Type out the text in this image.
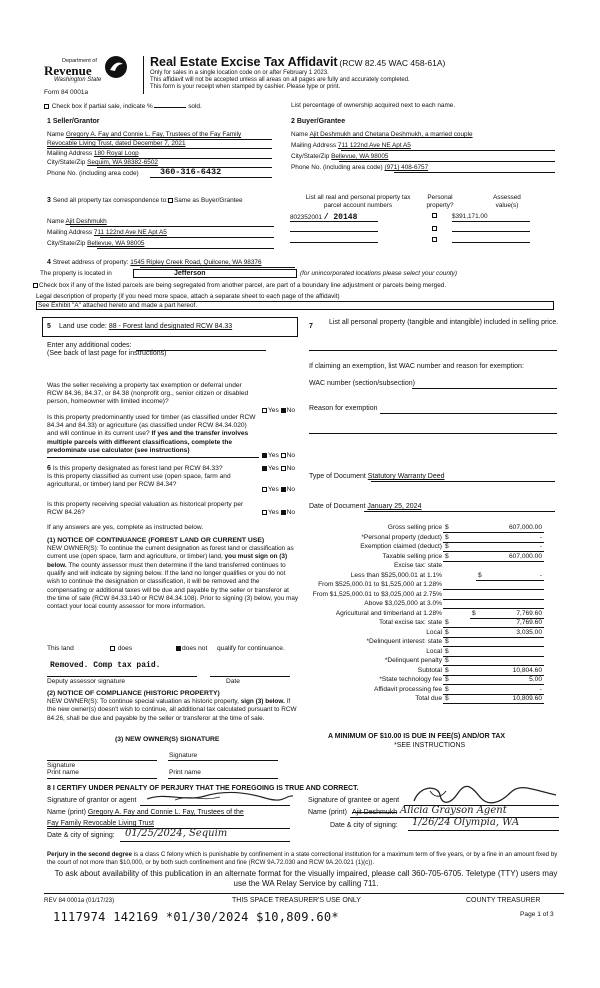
Department of
Revenue
Washington State
Form 84 0001a
Real Estate Excise Tax Affidavit (RCW 82.45 WAC 458-61A)
Only for sales in a single location code on or after February 1 2023.
This affidavit will not be accepted unless all areas on all pages are fully and accurately completed.
This form is your receipt when stamped by cashier. Please type or print.
Check box if partial sale, indicate %	sold.	List percentage of ownership acquired next to each name.
1 Seller/Grantor
Name Gregory A. Fay and Connie L. Fay, Trustees of the Fay Family
Revocable Living Trust, dated December 7, 2021
Mailing Address 180 Royal Loop
City/State/Zip Sequim, WA 98382-6502
Phone No. (including area code)	360-316-6432
2 Buyer/Grantee
Name Ajit Deshmukh and Chetana Deshmukh, a married couple
Mailing Address 711 122nd Ave NE Apt A5
City/State/Zip Bellevue, WA 98005
Phone No. (including area code) (971) 408-6757
3 Send all property tax correspondence to: Same as Buyer/Grantee
Name Ajit Deshmukh
Mailing Address 711 122nd Ave NE Apt A5
City/State/Zip Bellevue, WA 98005
List all real and personal property tax parcel account numbers
Personal property?
Assessed value(s)
802352001 / 20148	$391,171.00
4 Street address of property: 1545 Ripley Creek Road, Quilcene, WA 98376
The property is located in	Jefferson	(for unincorporated locations please select your county)
Check box if any of the listed parcels are being segregated from another parcel, are part of a boundary line adjustment or parcels being merged.
Legal description of property (if you need more space, attach a separate sheet to each page of the affidavit)
See Exhibit "A" attached hereto and made a part hereof.
5 Land use code: 88 - Forest land designated RCW 84.33
Enter any additional codes:
(See back of last page for instructions)
7
List all personal property (tangible and intangible) included in selling price.
If claiming an exemption, list WAC number and reason for exemption:
WAC number (section/subsection)
Reason for exemption
Was the seller receiving a property tax exemption or deferral under RCW 84.36, 84.37, or 84.38 (nonprofit org., senior citizen or disabled person, homeowner with limited income)?
Yes No
Is this property predominantly used for timber (as classified under RCW 84.34 and 84.33) or agriculture (as classified under RCW 84.34.020) and will continue in its current use? If yes and the transfer involves multiple parcels with different classifications, complete the predominate use calculator (see instructions)
Yes No
6 Is this property designated as forest land per RCW 84.33?	Yes No
Is this property classified as current use (open space, farm and agricultural, or timber) land per RCW 84.34?
Yes No
Is this property receiving special valuation as historical property per RCW 84.26?	Yes No
If any answers are yes, complete as instructed below.
Type of Document Statutory Warranty Deed
Date of Document January 25, 2024
(1) NOTICE OF CONTINUANCE (FOREST LAND OR CURRENT USE)
NEW OWNER(S): To continue the current designation as forest land or classification as current use (open space, farm and agriculture, or timber) land, you must sign on (3) below. The county assessor must then determine if the land transferred continues to qualify and will indicate by signing below. If the land no longer qualifies or you do not wish to continue the designation or classification, it will be removed and the compensating or additional taxes will be due and payable by the seller or transferor at the time of sale (RCW 84.33.140 or RCW 84.34.108). Prior to signing (3) below, you may contact your local county assessor for more information.
This land	does	does not	qualify for continuance.
Removed. Comp tax paid.
Deputy assessor signature	Date
(2) NOTICE OF COMPLIANCE (HISTORIC PROPERTY)
NEW OWNER(S): To continue special valuation as historic property, sign (3) below. If the new owner(s) doesn't wish to continue, all additional tax calculated pursuant to RCW 84.26, shall be due and payable by the seller or transferor at the time of sale.
(3) NEW OWNER(S) SIGNATURE
Signature
Signature
Print name	Print name
Gross selling price $	607,000.00
*Personal property (deduct) $	-
Exemption claimed (deduct) $	-
Taxable selling price $	607,000.00
Excise tax: state
Less than $525,000.01 at 1.1%	$	-
From $525,000.01 to $1,525,000 at 1.28%
From $1,525,000.01 to $3,025,000 at 2.75%
Above $3,025,000 at 3.0%
Agricultural and timberland at 1.28%	$	7,769.60
Total excise tax: state $	7,769.60
Local $	3,035.00
*Delinquent interest: state $
Local $
*Delinquent penalty $
Subtotal $	10,804.60
*State technology fee $	5.00
Affidavit processing fee $	-
Total due $	10,809.60
A MINIMUM OF $10.00 IS DUE IN FEE(S) AND/OR TAX
*SEE INSTRUCTIONS
8 I CERTIFY UNDER PENALTY OF PERJURY THAT THE FOREGOING IS TRUE AND CORRECT.
Signature of grantor or agent
Name (print) Gregory A. Fay and Connie L. Fay, Trustees of the
Fay Family Revocable Living Trust
Date & city of signing: 01/25/2024, Sequim
Signature of grantee or agent
Name (print) Ajit Deshmukh Alicia Grayson Agent
Date & city of signing: 1/26/24 Olympia, WA
Perjury in the second degree is a class C felony which is punishable by confinement in a state correctional institution for a maximum term of five years, or by a fine in an amount fixed by the court of not more than $10,000, or by both such confinement and fine (RCW 9A.72.030 and RCW 9A.20.021 (1)(c)).
To ask about availability of this publication in an alternate format for the visually impaired, please call 360-705-6705. Teletype (TTY) users may use the WA Relay Service by calling 711.
REV 84 0001a (01/17/23)	THIS SPACE TREASURER'S USE ONLY	COUNTY TREASURER
1117974 142169 *01/30/2024 $10,809.60*	Page 1 of 3
